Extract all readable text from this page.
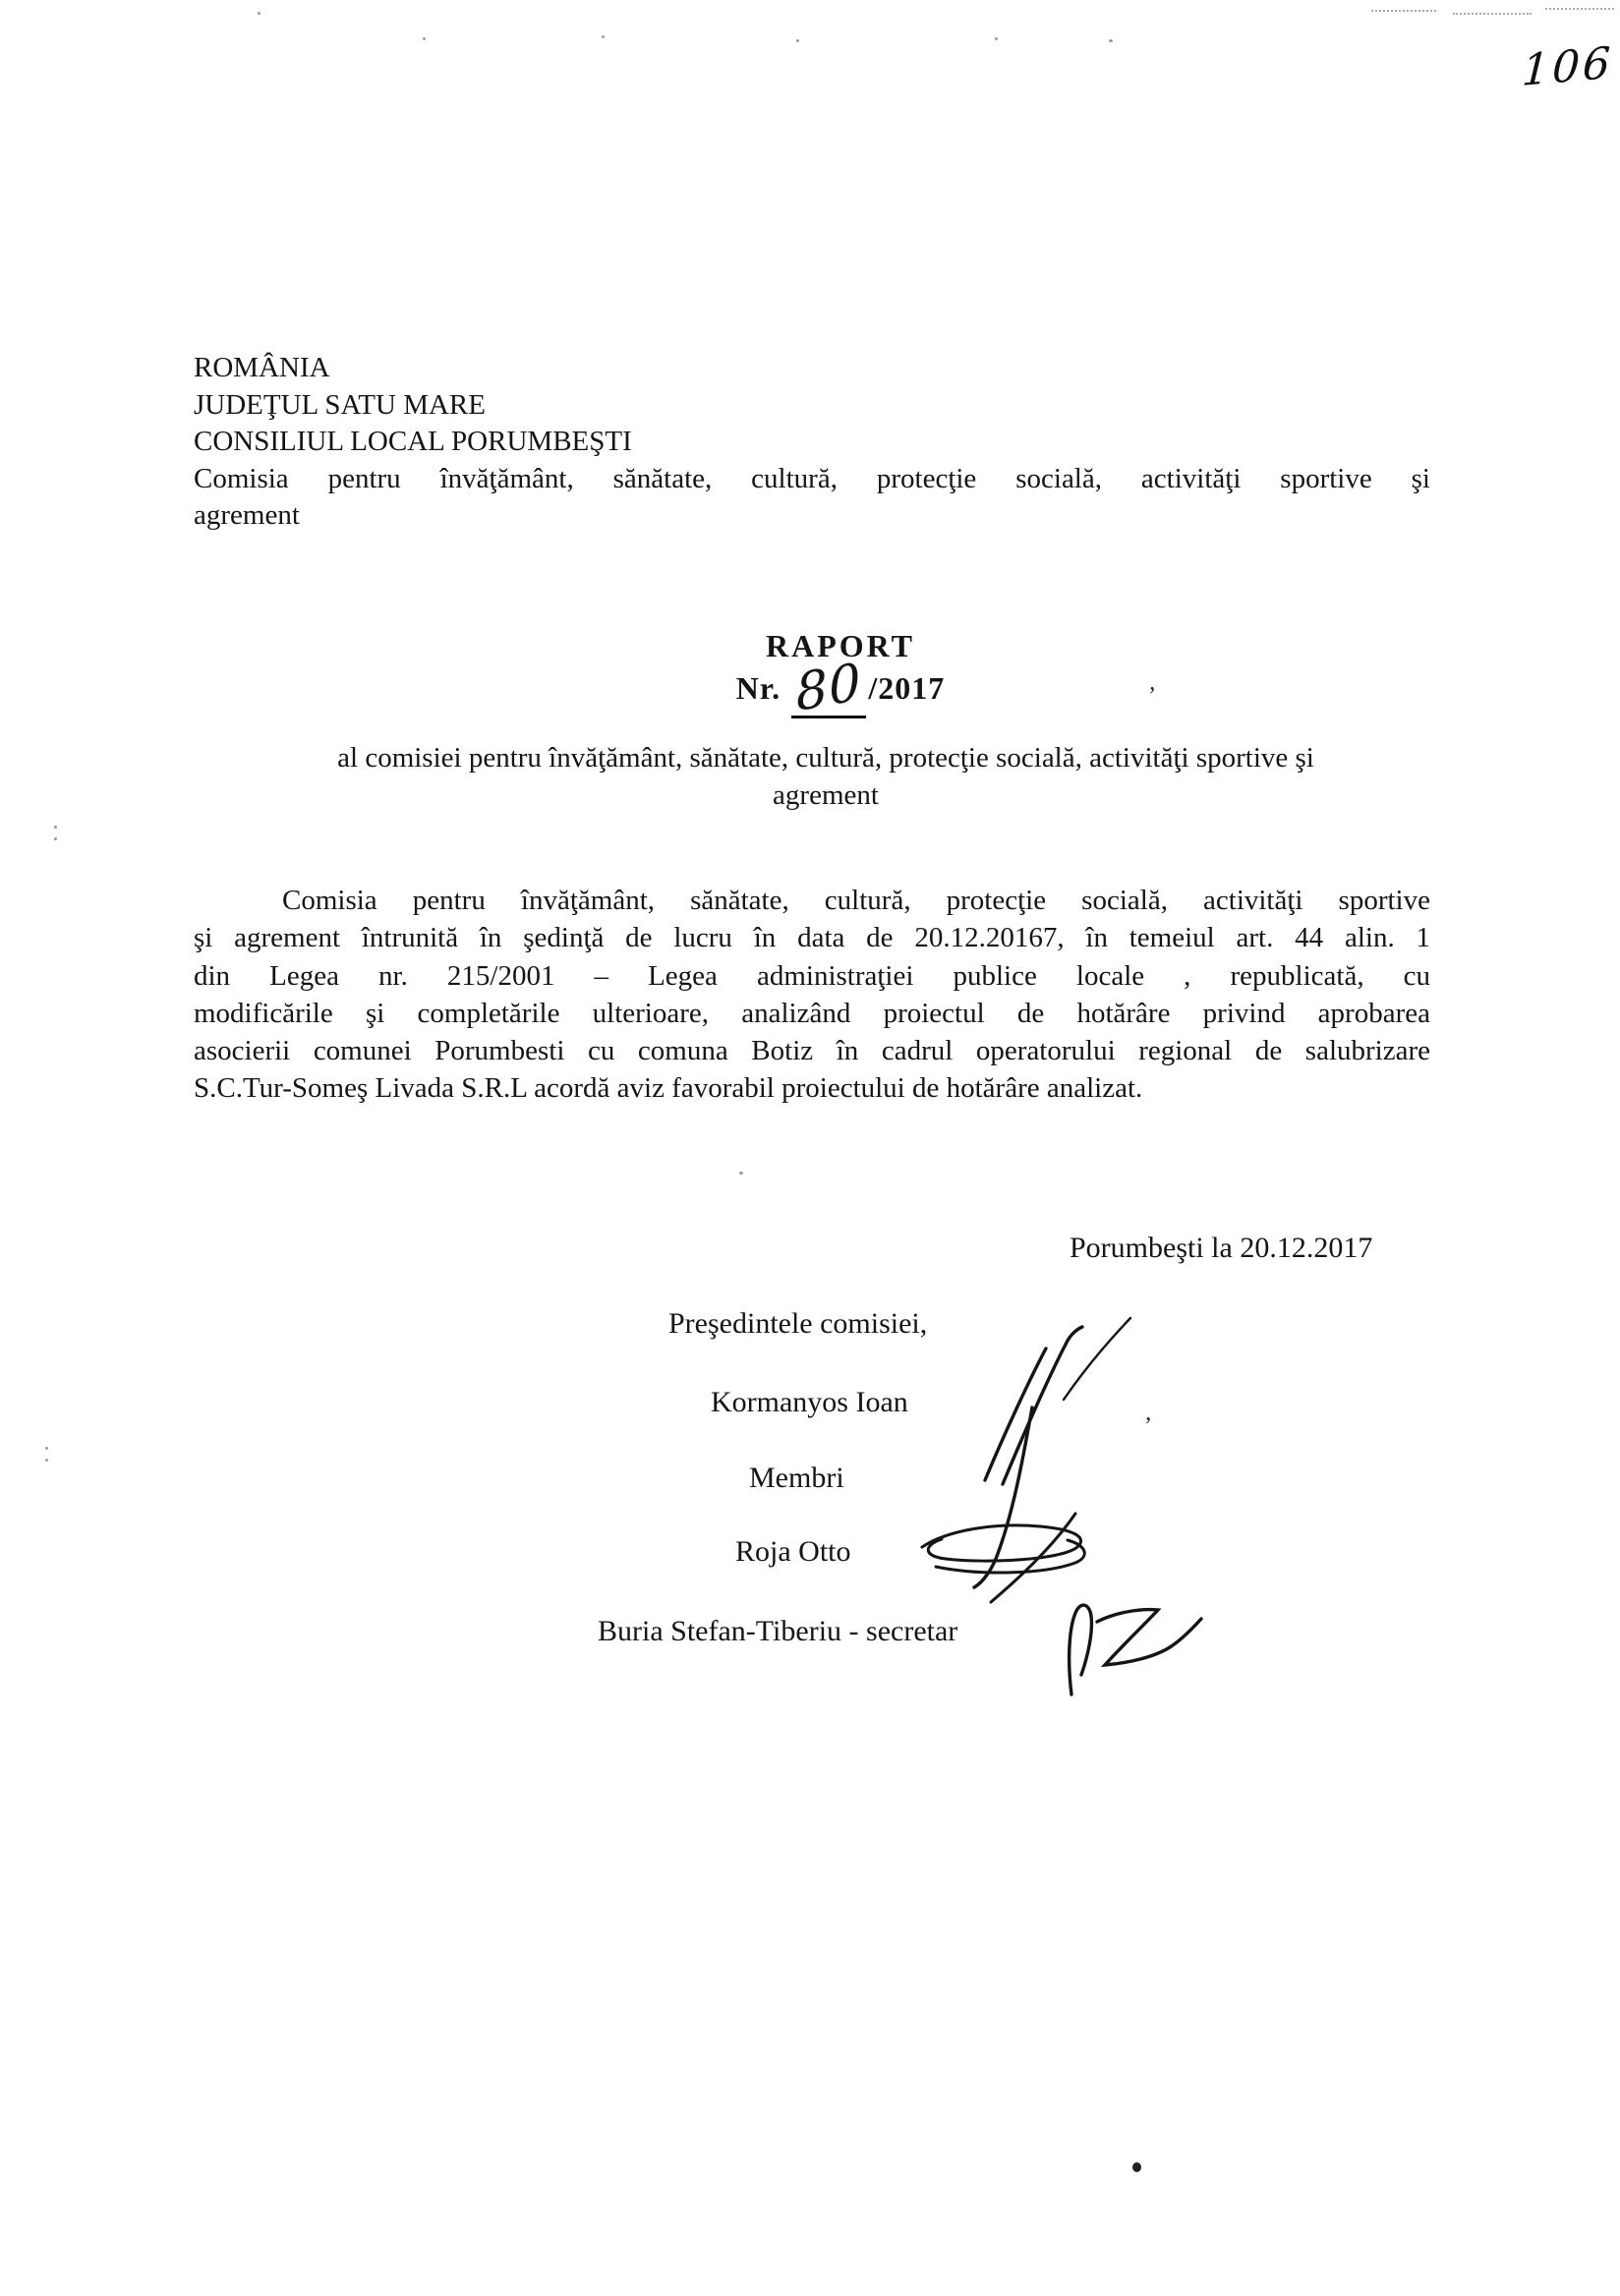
’
’
106
ROMÂNIA
JUDEŢUL SATU MARE
CONSILIUL LOCAL PORUMBEŞTI
Comisia pentru învăţământ, sănătate, cultură, protecţie socială, activităţi sportive şi
agrement
RAPORT
Nr. 80 /2017
al comisiei pentru învăţământ, sănătate, cultură, protecţie socială, activităţi sportive şi
agrement
Comisia pentru învăţământ, sănătate, cultură, protecţie socială, activităţi sportive
şi agrement întrunită în şedinţă de lucru în data de 20.12.20167, în temeiul art. 44 alin. 1
din Legea nr. 215/2001 – Legea administraţiei publice locale , republicată, cu
modificările şi completările ulterioare, analizând proiectul de hotărâre privind aprobarea
asocierii comunei Porumbesti cu comuna Botiz în cadrul operatorului regional de salubrizare
S.C.Tur-Someş Livada S.R.L acordă aviz favorabil proiectului de hotărâre analizat.
Porumbeşti la 20.12.2017
Preşedintele comisiei,
Kormanyos Ioan
Membri
Roja Otto
Buria Stefan-Tiberiu - secretar
